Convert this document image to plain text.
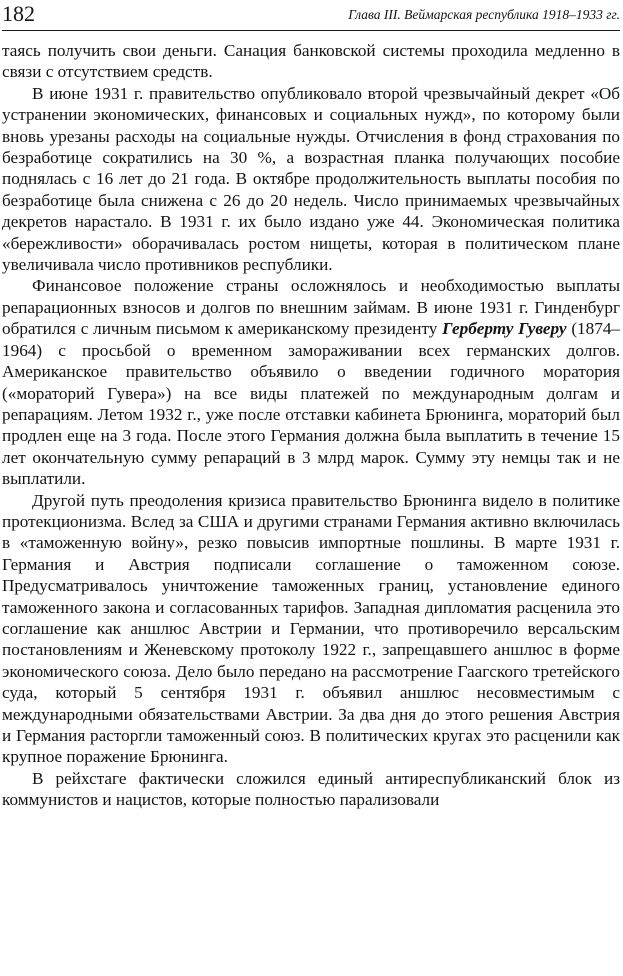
182	Глава III. Веймарская республика 1918–1933 гг.

таясь получить свои деньги. Санация банковской системы проходила медленно в связи с отсутствием средств.

В июне 1931 г. правительство опубликовало второй чрезвычайный декрет «Об устранении экономических, финансовых и социальных нужд», по которому были вновь урезаны расходы на социальные нужды. Отчисления в фонд страхования по безработице сократились на 30 %, а возрастная планка получающих пособие поднялась с 16 лет до 21 года. В октябре продолжительность выплаты пособия по безработице была снижена с 26 до 20 недель. Число принимаемых чрезвычайных декретов нарастало. В 1931 г. их было издано уже 44. Экономическая политика «бережливости» оборачивалась ростом нищеты, которая в политическом плане увеличивала число противников республики.

Финансовое положение страны осложнялось и необходимостью выплаты репарационных взносов и долгов по внешним займам. В июне 1931 г. Гинденбург обратился с личным письмом к американскому президенту Герберту Гуверу (1874–1964) с просьбой о временном замораживании всех германских долгов. Американское правительство объявило о введении годичного моратория («мораторий Гувера») на все виды платежей по международным долгам и репарациям. Летом 1932 г., уже после отставки кабинета Брюнинга, мораторий был продлен еще на 3 года. После этого Германия должна была выплатить в течение 15 лет окончательную сумму репараций в 3 млрд марок. Сумму эту немцы так и не выплатили.

Другой путь преодоления кризиса правительство Брюнинга видело в политике протекционизма. Вслед за США и другими странами Германия активно включилась в «таможенную войну», резко повысив импортные пошлины. В марте 1931 г. Германия и Австрия подписали соглашение о таможенном союзе. Предусматривалось уничтожение таможенных границ, установление единого таможенного закона и согласованных тарифов. Западная дипломатия расценила это соглашение как аншлюс Австрии и Германии, что противоречило версальским постановлениям и Женевскому протоколу 1922 г., запрещавшего аншлюс в форме экономического союза. Дело было передано на рассмотрение Гаагского третейского суда, который 5 сентября 1931 г. объявил аншлюс несовместимым с международными обязательствами Австрии. За два дня до этого решения Австрия и Германия расторгли таможенный союз. В политических кругах это расценили как крупное поражение Брюнинга.

В рейхстаге фактически сложился единый антиреспубликанский блок из коммунистов и нацистов, которые полностью парализовали
